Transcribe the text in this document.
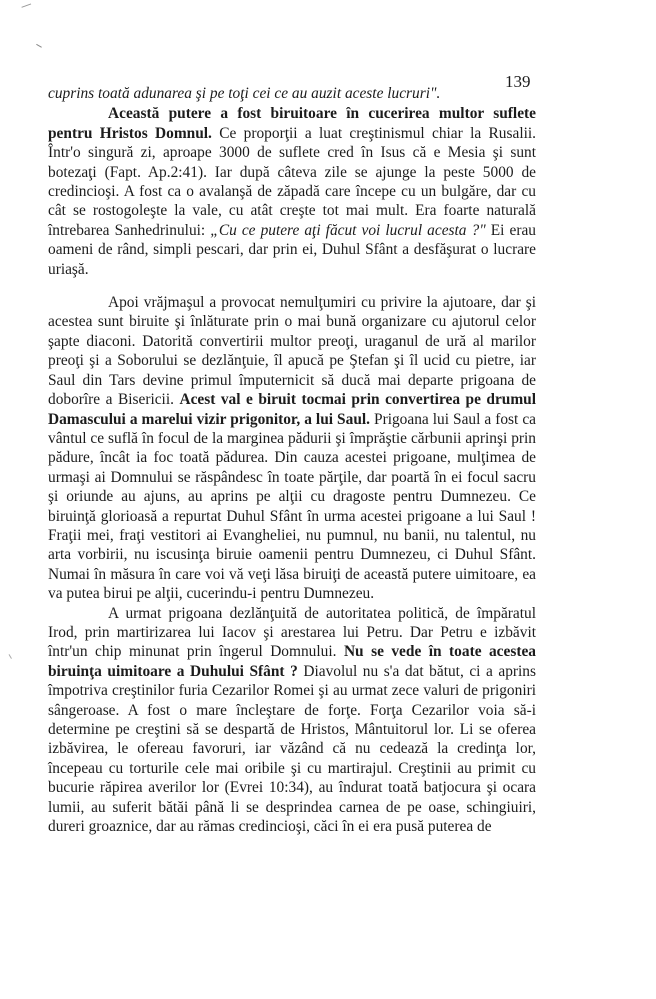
139

cuprins toată adunarea şi pe toţi cei ce au auzit aceste lucruri".

Această putere a fost biruitoare în cucerirea multor suflete pentru Hristos Domnul. Ce proporţii a luat creştinismul chiar la Rusalii. Într'o singură zi, aproape 3000 de suflete cred în Isus că e Mesia şi sunt botezaţi (Fapt. Ap.2:41). Iar după câteva zile se ajunge la peste 5000 de credincioşi. A fost ca o avalanşă de zăpadă care începe cu un bulgăre, dar cu cât se rostogoleşte la vale, cu atât creşte tot mai mult. Era foarte naturală întrebarea Sanhedrinului: „Cu ce putere aţi făcut voi lucrul acesta ?" Ei erau oameni de rând, simpli pescari, dar prin ei, Duhul Sfânt a desfăşurat o lucrare uriaşă.

Apoi vrăjmaşul a provocat nemulţumiri cu privire la ajutoare, dar şi acestea sunt biruite şi înlăturate prin o mai bună organizare cu ajutorul celor şapte diaconi. Datorită convertirii multor preoţi, uraganul de ură al marilor preoţi şi a Soborului se dezlănţuie, îl apucă pe Ştefan şi îl ucid cu pietre, iar Saul din Tars devine primul împuternicit să ducă mai departe prigoana de doborîre a Bisericii. Acest val e biruit tocmai prin convertirea pe drumul Damascului a marelui vizir prigonitor, a lui Saul. Prigoana lui Saul a fost ca vântul ce suflă în focul de la marginea pădurii şi împrăştie cărbunii aprinşi prin pădure, încât ia foc toată pădurea. Din cauza acestei prigoane, mulţimea de urmaşi ai Domnului se răspândesc în toate părţile, dar poartă în ei focul sacru şi oriunde au ajuns, au aprins pe alţii cu dragoste pentru Dumnezeu. Ce biruinţă glorioasă a repurtat Duhul Sfânt în urma acestei prigoane a lui Saul ! Fraţii mei, fraţi vestitori ai Evangheliei, nu pumnul, nu banii, nu talentul, nu arta vorbirii, nu iscusinţa biruie oamenii pentru Dumnezeu, ci Duhul Sfânt. Numai în măsura în care voi vă veţi lăsa biruiţi de această putere uimitoare, ea va putea birui pe alţii, cucerindu-i pentru Dumnezeu.

A urmat prigoana dezlănţuită de autoritatea politică, de împăratul Irod, prin martirizarea lui Iacov şi arestarea lui Petru. Dar Petru e izbăvit într'un chip minunat prin îngerul Domnului. Nu se vede în toate acestea biruinţa uimitoare a Duhului Sfânt ? Diavolul nu s'a dat bătut, ci a aprins împotriva creştinilor furia Cezarilor Romei şi au urmat zece valuri de prigoniri sângeroase. A fost o mare încleştare de forţe. Forţa Cezarilor voia să-i determine pe creştini să se despartă de Hristos, Mântuitorul lor. Li se oferea izbăvirea, le ofereau favoruri, iar văzând că nu cedează la credinţa lor, începeau cu torturile cele mai oribile şi cu martirajul. Creştinii au primit cu bucurie răpirea averilor lor (Evrei 10:34), au îndurat toată batjocura şi ocara lumii, au suferit bătăi până li se desprindea carnea de pe oase, schingiuiri, dureri groaznice, dar au rămas credincioşi, căci în ei era pusă puterea de
